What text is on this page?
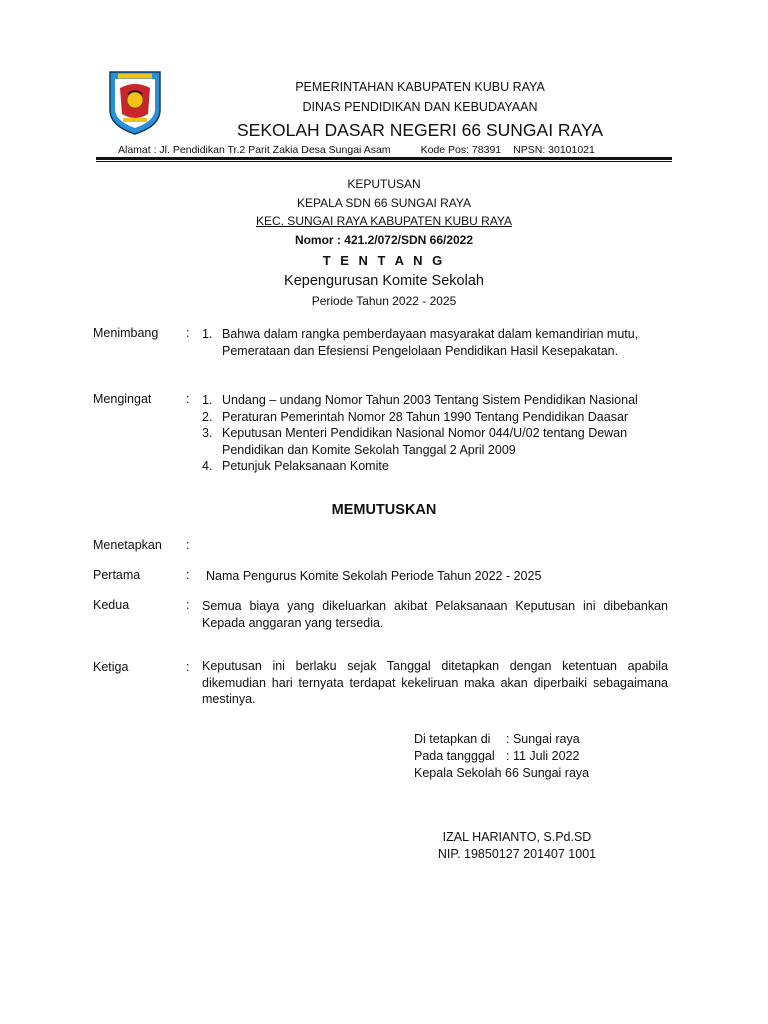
PEMERINTAHAN KABUPATEN KUBU RAYA
DINAS PENDIDIKAN DAN KEBUDAYAAN
SEKOLAH DASAR NEGERI 66 SUNGAI RAYA
Alamat : Jl. Pendidikan Tr.2 Parit Zakia Desa Sungai Asam	Kode Pos: 78391 NPSN: 30101021
KEPUTUSAN
KEPALA SDN 66 SUNGAI RAYA
KEC. SUNGAI RAYA KABUPATEN KUBU RAYA
Nomor : 421.2/072/SDN 66/2022
T E N T A N G
Kepengurusan Komite Sekolah
Periode Tahun 2022 - 2025
Menimbang : 1. Bahwa dalam rangka pemberdayaan masyarakat dalam kemandirian mutu, Pemerataan dan Efesiensi Pengelolaan Pendidikan Hasil Kesepakatan.
Mengingat	: 1. Undang – undang Nomor Tahun 2003 Tentang Sistem Pendidikan Nasional
2. Peraturan Pemerintah Nomor 28 Tahun 1990 Tentang Pendidikan Daasar
3. Keputusan Menteri Pendidikan Nasional Nomor 044/U/02 tentang Dewan Pendidikan dan Komite Sekolah Tanggal 2 April 2009
4. Petunjuk Pelaksanaan Komite
MEMUTUSKAN
Menetapkan :
Pertama	: Nama Pengurus Komite Sekolah Periode Tahun 2022 - 2025
Kedua	: Semua biaya yang dikeluarkan akibat Pelaksanaan Keputusan ini dibebankan Kepada anggaran yang tersedia.
Ketiga	: Keputusan ini berlaku sejak Tanggal ditetapkan dengan ketentuan apabila dikemudian hari ternyata terdapat kekeliruan maka akan diperbaiki sebagaimana mestinya.
Di tetapkan di : Sungai raya
Pada tangggal : 11 Juli 2022
Kepala Sekolah 66 Sungai raya
IZAL HARIANTO, S.Pd.SD
NIP. 19850127 201407 1001
